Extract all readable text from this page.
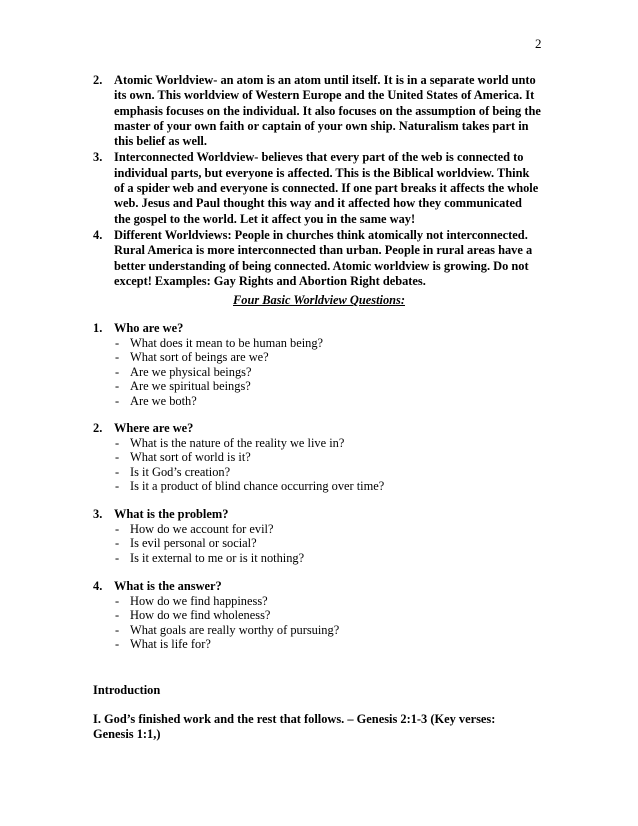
2
2. Atomic Worldview- an atom is an atom until itself. It is in a separate world unto
its own. This worldview of Western Europe and the United States of America. It
emphasis focuses on the individual. It also focuses on the assumption of being the
master of your own faith or captain of your own ship. Naturalism takes part in
this belief as well.
3. Interconnected Worldview- believes that every part of the web is connected to
individual parts, but everyone is affected. This is the Biblical worldview. Think
of a spider web and everyone is connected. If one part breaks it affects the whole
web. Jesus and Paul thought this way and it affected how they communicated
the gospel to the world. Let it affect you in the same way!
4. Different Worldviews: People in churches think atomically not interconnected.
Rural America is more interconnected than urban. People in rural areas have a
better understanding of being connected. Atomic worldview is growing. Do not
except! Examples: Gay Rights and Abortion Right debates.
Four Basic Worldview Questions:
1. Who are we?
- What does it mean to be human being?
- What sort of beings are we?
- Are we physical beings?
- Are we spiritual beings?
- Are we both?
2. Where are we?
- What is the nature of the reality we live in?
- What sort of world is it?
- Is it God’s creation?
- Is it a product of blind chance occurring over time?
3. What is the problem?
- How do we account for evil?
- Is evil personal or social?
- Is it external to me or is it nothing?
4. What is the answer?
- How do we find happiness?
- How do we find wholeness?
- What goals are really worthy of pursuing?
- What is life for?
Introduction
I. God’s finished work and the rest that follows. – Genesis 2:1-3 (Key verses:
Genesis 1:1,)
